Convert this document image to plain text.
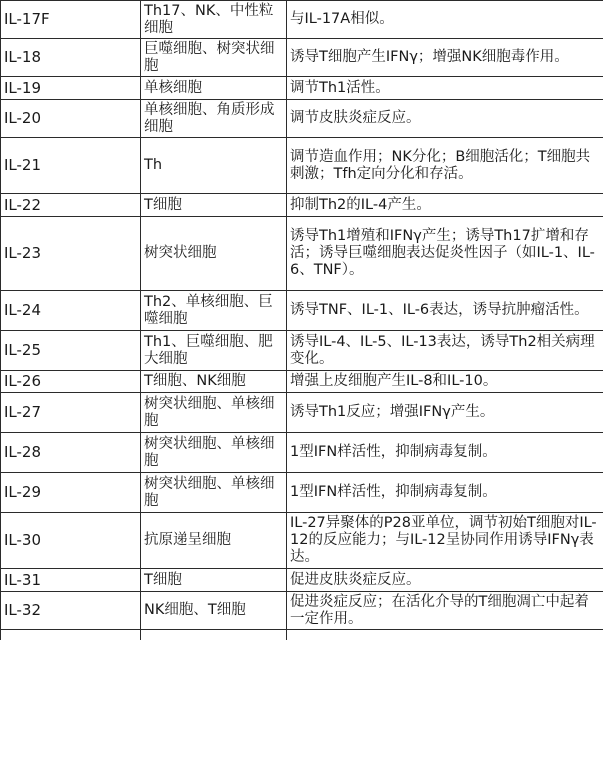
IL-17F	Th17、NK、中性粒细胞	与IL-17A相似。
IL-18	巨噬细胞、树突状细胞	诱导T细胞产生IFNγ；增强NK细胞毒作用。
IL-19	单核细胞	调节Th1活性。
IL-20	单核细胞、角质形成细胞	调节皮肤炎症反应。
IL-21	Th	调节造血作用；NK分化；B细胞活化；T细胞共刺激；Tfh定向分化和存活。
IL-22	T细胞	抑制Th2的IL-4产生。
IL-23	树突状细胞	诱导Th1增殖和IFNγ产生；诱导Th17扩增和存活；诱导巨噬细胞表达促炎性因子（如IL-1、IL-6、TNF）。
IL-24	Th2、单核细胞、巨噬细胞	诱导TNF、IL-1、IL-6表达，诱导抗肿瘤活性。
IL-25	Th1、巨噬细胞、肥大细胞	诱导IL-4、IL-5、IL-13表达，诱导Th2相关病理变化。
IL-26	T细胞、NK细胞	增强上皮细胞产生IL-8和IL-10。
IL-27	树突状细胞、单核细胞	诱导Th1反应；增强IFNγ产生。
IL-28	树突状细胞、单核细胞	1型IFN样活性，抑制病毒复制。
IL-29	树突状细胞、单核细胞	1型IFN样活性，抑制病毒复制。
IL-30	抗原递呈细胞	IL-27异聚体的P28亚单位，调节初始T细胞对IL-12的反应能力；与IL-12呈协同作用诱导IFNγ表达。
IL-31	T细胞	促进皮肤炎症反应。
IL-32	NK细胞、T细胞	促进炎症反应；在活化介导的T细胞凋亡中起着一定作用。
